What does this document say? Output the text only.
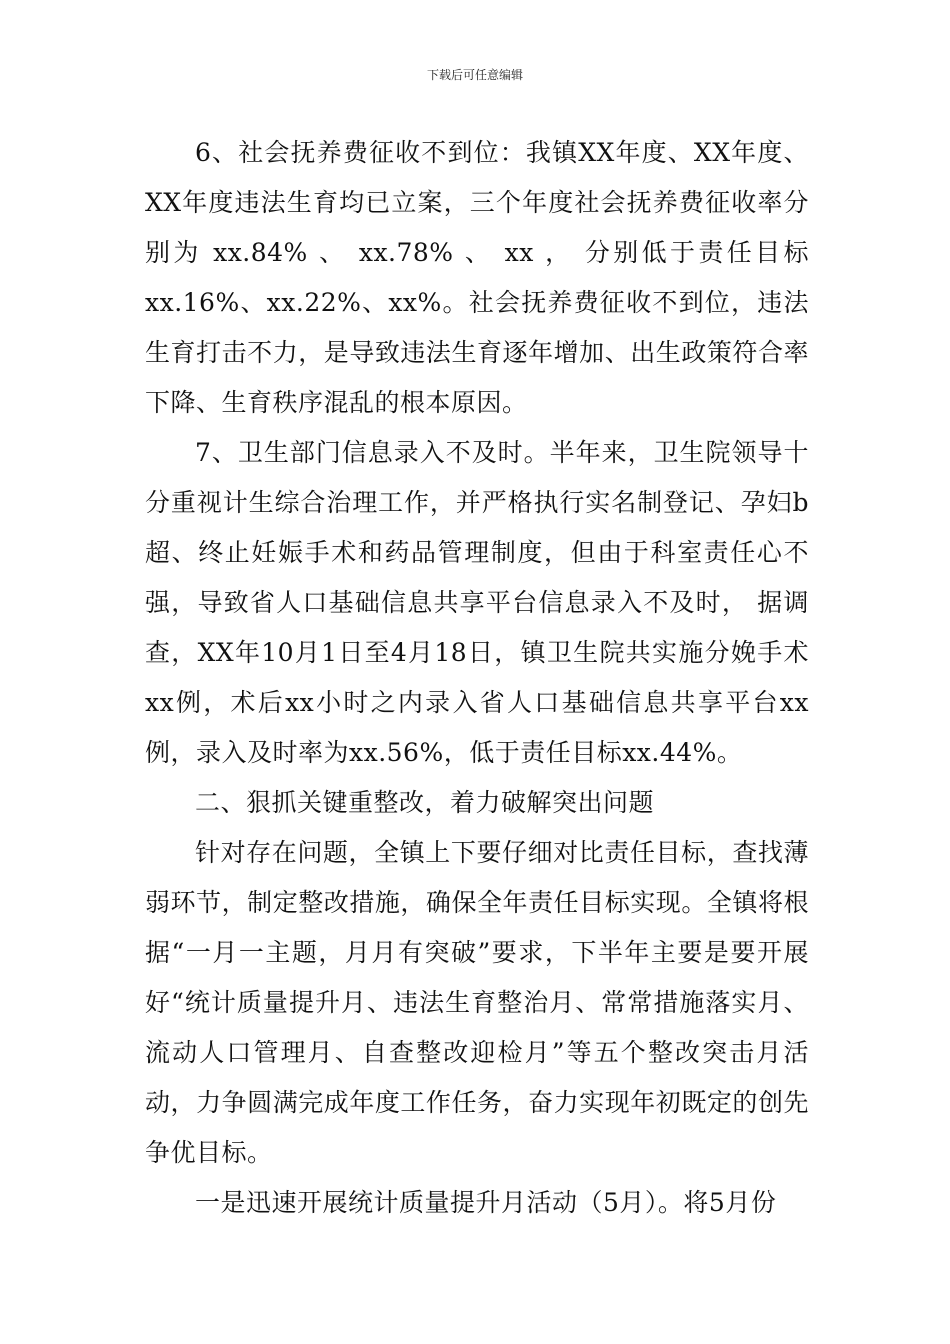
下载后可任意编辑

6、社会抚养费征收不到位：我镇XX年度、XX年度、XX年度违法生育均已立案，三个年度社会抚养费征收率分别为 xx.84% 、 xx.78% 、 xx ， 分别低于责任目标 xx.16%、xx.22%、xx%。社会抚养费征收不到位，违法生育打击不力，是导致违法生育逐年增加、出生政策符合率下降、生育秩序混乱的根本原因。

7、卫生部门信息录入不及时。半年来，卫生院领导十分重视计生综合治理工作，并严格执行实名制登记、孕妇b超、终止妊娠手术和药品管理制度，但由于科室责任心不强，导致省人口基础信息共享平台信息录入不及时， 据调查，XX年10月1日至4月18日，镇卫生院共实施分娩手术xx例，术后xx小时之内录入省人口基础信息共享平台xx例，录入及时率为xx.56%，低于责任目标xx.44%。

二、狠抓关键重整改，着力破解突出问题

针对存在问题，全镇上下要仔细对比责任目标，查找薄弱环节，制定整改措施，确保全年责任目标实现。全镇将根据“一月一主题，月月有突破”要求，下半年主要是要开展好“统计质量提升月、违法生育整治月、常常措施落实月、流动人口管理月、自查整改迎检月”等五个整改突击月活动，力争圆满完成年度工作任务，奋力实现年初既定的创先争优目标。

一是迅速开展统计质量提升月活动（5月）。将5月份
